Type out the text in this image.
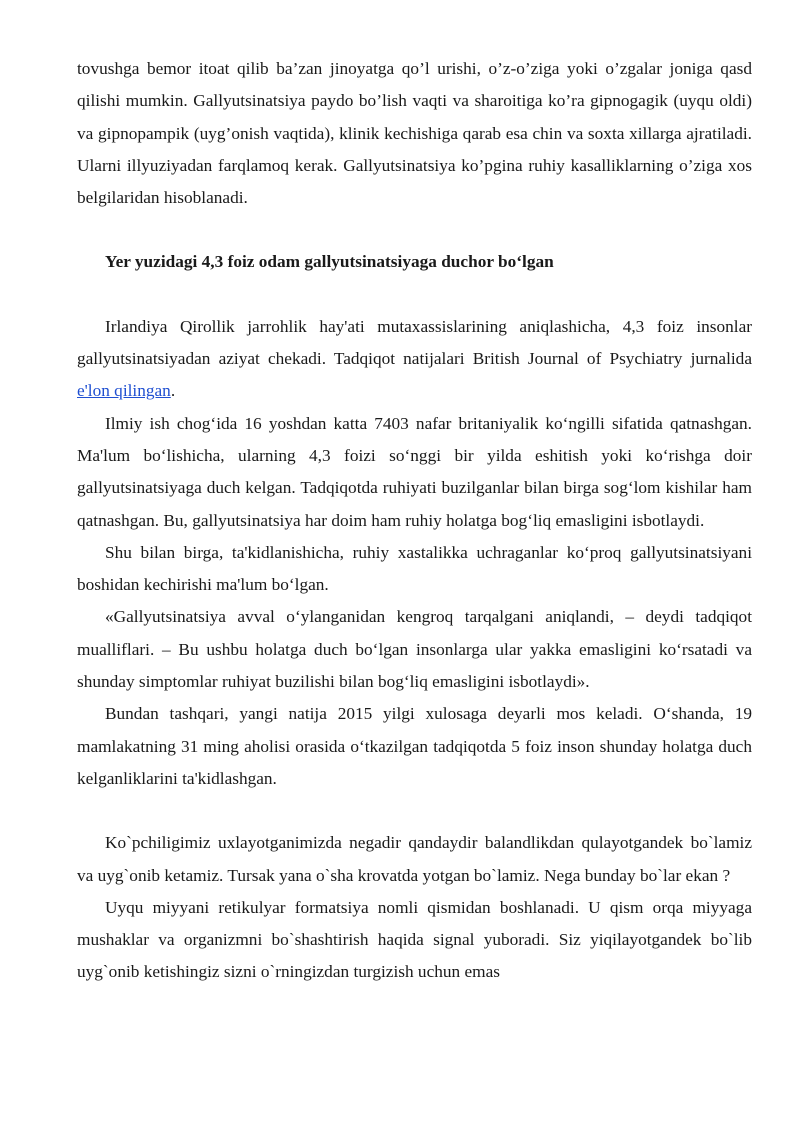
tovushga bemor itoat qilib ba’zan jinoyatga qo’l urishi, o’z-o’ziga yoki o’zgalar joniga qasd qilishi mumkin. Gallyutsinatsiya paydo bo’lish vaqti va sharoitiga ko’ra gipnogagik (uyqu oldi) va gipnopampik (uyg’onish vaqtida), klinik kechishiga qarab esa chin va soxta xillarga ajratiladi. Ularni illyuziyadan farqlamoq kerak. Gallyutsinatsiya ko’pgina ruhiy kasalliklarning o’ziga xos belgilaridan hisoblanadi.

Yer yuzidagi 4,3 foiz odam gallyutsinatsiyaga duchor bo‘lgan

Irlandiya Qirollik jarrohlik hay'ati mutaxassislarining aniqlashicha, 4,3 foiz insonlar gallyutsinatsiyadan aziyat chekadi. Tadqiqot natijalari British Journal of Psychiatry jurnalida e'lon qilingan.

Ilmiy ish chog‘ida 16 yoshdan katta 7403 nafar britaniyalik ko‘ngilli sifatida qatnashgan. Ma'lum bo‘lishicha, ularning 4,3 foizi so‘nggi bir yilda eshitish yoki ko‘rishga doir gallyutsinatsiyaga duch kelgan. Tadqiqotda ruhiyati buzilganlar bilan birga sog‘lom kishilar ham qatnashgan. Bu, gallyutsinatsiya har doim ham ruhiy holatga bog‘liq emasligini isbotlaydi.

Shu bilan birga, ta'kidlanishicha, ruhiy xastalikka uchraganlar ko‘proq gallyutsinatsiyani boshidan kechirishi ma'lum bo‘lgan.

«Gallyutsinatsiya avval o‘ylanganidan kengroq tarqalgani aniqlandi, – deydi tadqiqot mualliflari. – Bu ushbu holatga duch bo‘lgan insonlarga ular yakka emasligini ko‘rsatadi va shunday simptomlar ruhiyat buzilishi bilan bog‘liq emasligini isbotlaydi».

Bundan tashqari, yangi natija 2015 yilgi xulosaga deyarli mos keladi. O‘shanda, 19 mamlakatning 31 ming aholisi orasida o‘tkazilgan tadqiqotda 5 foiz inson shunday holatga duch kelganliklarini ta'kidlashgan.

Ko`pchiligimiz uxlayotganimizda negadir qandaydir balandlikdan qulayotgandek bo`lamiz va uyg`onib ketamiz. Tursak yana o`sha krovatda yotgan bo`lamiz. Nega bunday bo`lar ekan ?

Uyqu miyyani retikulyar formatsiya nomli qismidan boshlanadi. U qism orqa miyyaga mushaklar va organizmni bo`shashtirish haqida signal yuboradi. Siz yiqilayotgandek bo`lib uyg`onib ketishingiz sizni o`rningizdan turgizish uchun emas
